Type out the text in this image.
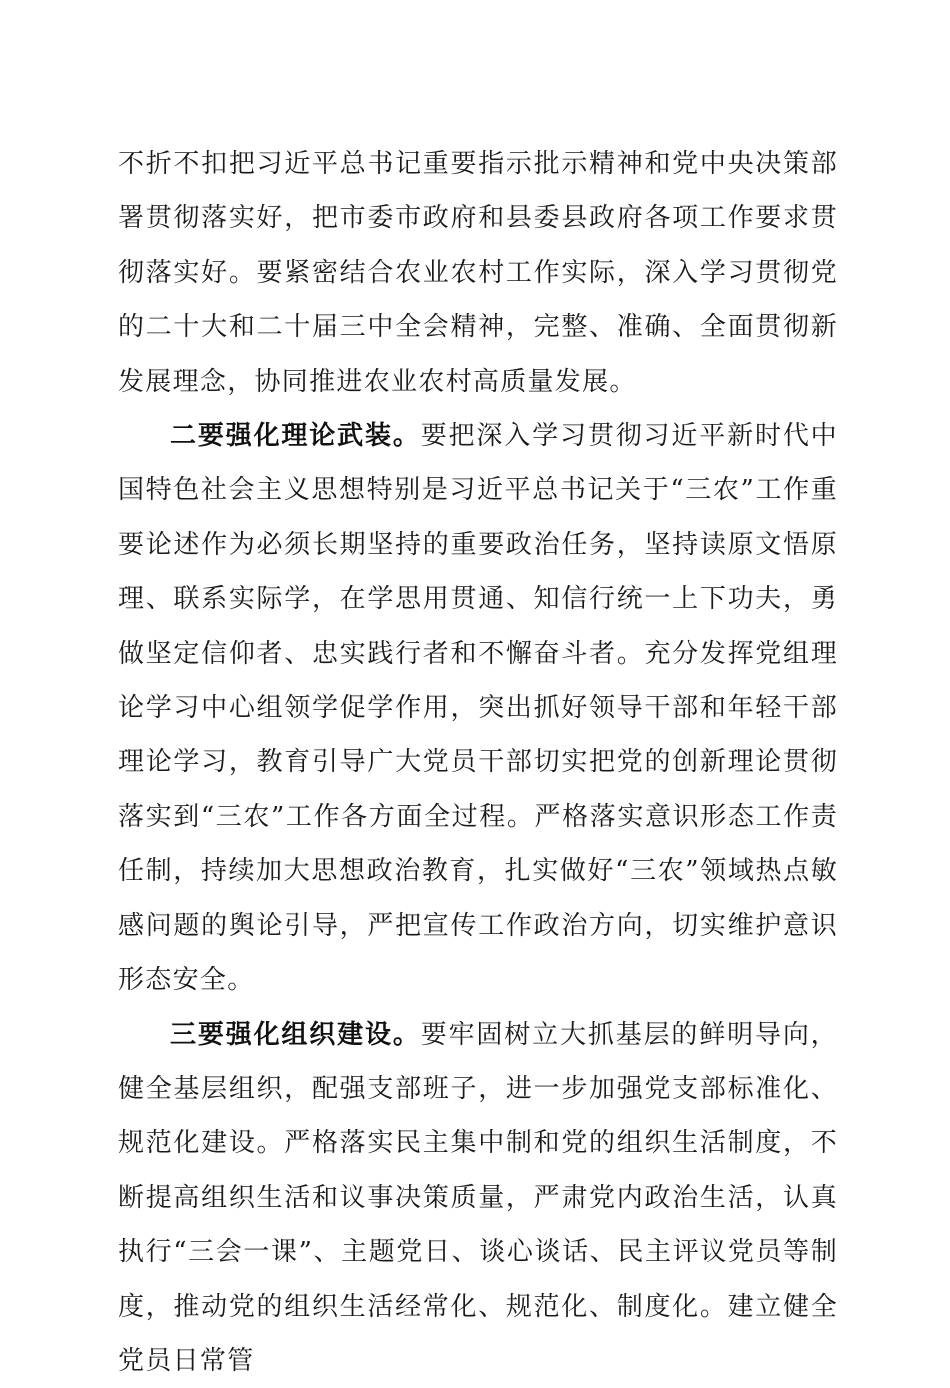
不折不扣把习近平总书记重要指示批示精神和党中央决策部署贯彻落实好，把市委市政府和县委县政府各项工作要求贯彻落实好。要紧密结合农业农村工作实际，深入学习贯彻党的二十大和二十届三中全会精神，完整、准确、全面贯彻新发展理念，协同推进农业农村高质量发展。

二要强化理论武装。要把深入学习贯彻习近平新时代中国特色社会主义思想特别是习近平总书记关于“三农”工作重要论述作为必须长期坚持的重要政治任务，坚持读原文悟原理、联系实际学，在学思用贯通、知信行统一上下功夫，勇做坚定信仰者、忠实践行者和不懈奋斗者。充分发挥党组理论学习中心组领学促学作用，突出抓好领导干部和年轻干部理论学习，教育引导广大党员干部切实把党的创新理论贯彻落实到“三农”工作各方面全过程。严格落实意识形态工作责任制，持续加大思想政治教育，扎实做好“三农”领域热点敏感问题的舆论引导，严把宣传工作政治方向，切实维护意识形态安全。

三要强化组织建设。要牢固树立大抓基层的鲜明导向，健全基层组织，配强支部班子，进一步加强党支部标准化、规范化建设。严格落实民主集中制和党的组织生活制度，不断提高组织生活和议事决策质量，严肃党内政治生活，认真执行“三会一课”、主题党日、谈心谈话、民主评议党员等制度，推动党的组织生活经常化、规范化、制度化。建立健全党员日常管
